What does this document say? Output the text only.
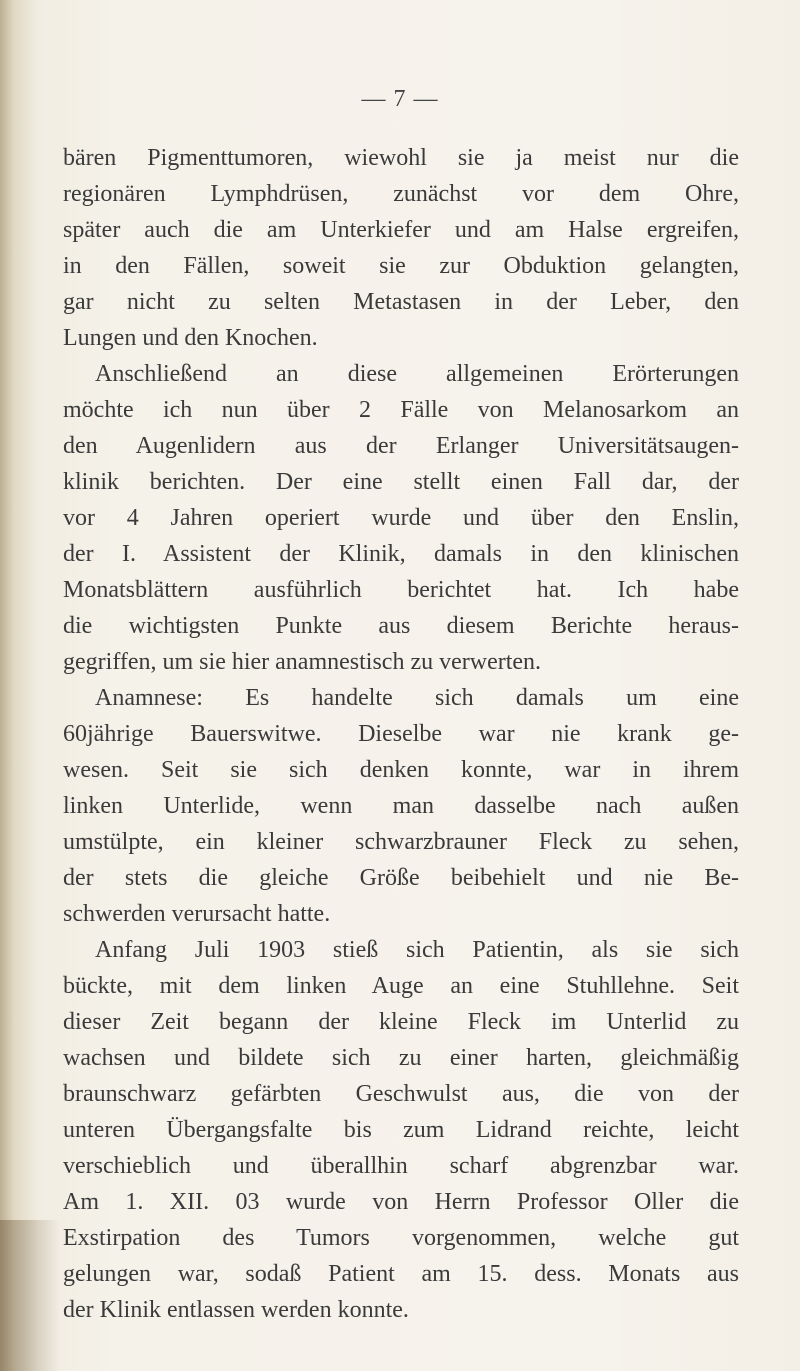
— 7 —

bären Pigmenttumoren, wiewohl sie ja meist nur die
regionären Lymphdrüsen, zunächst vor dem Ohre,
später auch die am Unterkiefer und am Halse ergreifen,
in den Fällen, soweit sie zur Obduktion gelangten,
gar nicht zu selten Metastasen in der Leber, den
Lungen und den Knochen.

Anschließend an diese allgemeinen Erörterungen
möchte ich nun über 2 Fälle von Melanosarkom an
den Augenlidern aus der Erlanger Universitätsaugen-
klinik berichten. Der eine stellt einen Fall dar, der
vor 4 Jahren operiert wurde und über den Enslin,
der I. Assistent der Klinik, damals in den klinischen
Monatsblättern ausführlich berichtet hat. Ich habe
die wichtigsten Punkte aus diesem Berichte heraus-
gegriffen, um sie hier anamnestisch zu verwerten.

Anamnese: Es handelte sich damals um eine
60jährige Bauerswitwe. Dieselbe war nie krank ge-
wesen. Seit sie sich denken konnte, war in ihrem
linken Unterlide, wenn man dasselbe nach außen
umstülpte, ein kleiner schwarzbrauner Fleck zu sehen,
der stets die gleiche Größe beibehielt und nie Be-
schwerden verursacht hatte.

Anfang Juli 1903 stieß sich Patientin, als sie sich
bückte, mit dem linken Auge an eine Stuhllehne. Seit
dieser Zeit begann der kleine Fleck im Unterlid zu
wachsen und bildete sich zu einer harten, gleichmäßig
braunschwarz gefärbten Geschwulst aus, die von der
unteren Übergangsfalte bis zum Lidrand reichte, leicht
verschieblich und überallhin scharf abgrenzbar war.
Am 1. XII. 03 wurde von Herrn Professor Oller die
Exstirpation des Tumors vorgenommen, welche gut
gelungen war, sodaß Patient am 15. dess. Monats aus
der Klinik entlassen werden konnte.
